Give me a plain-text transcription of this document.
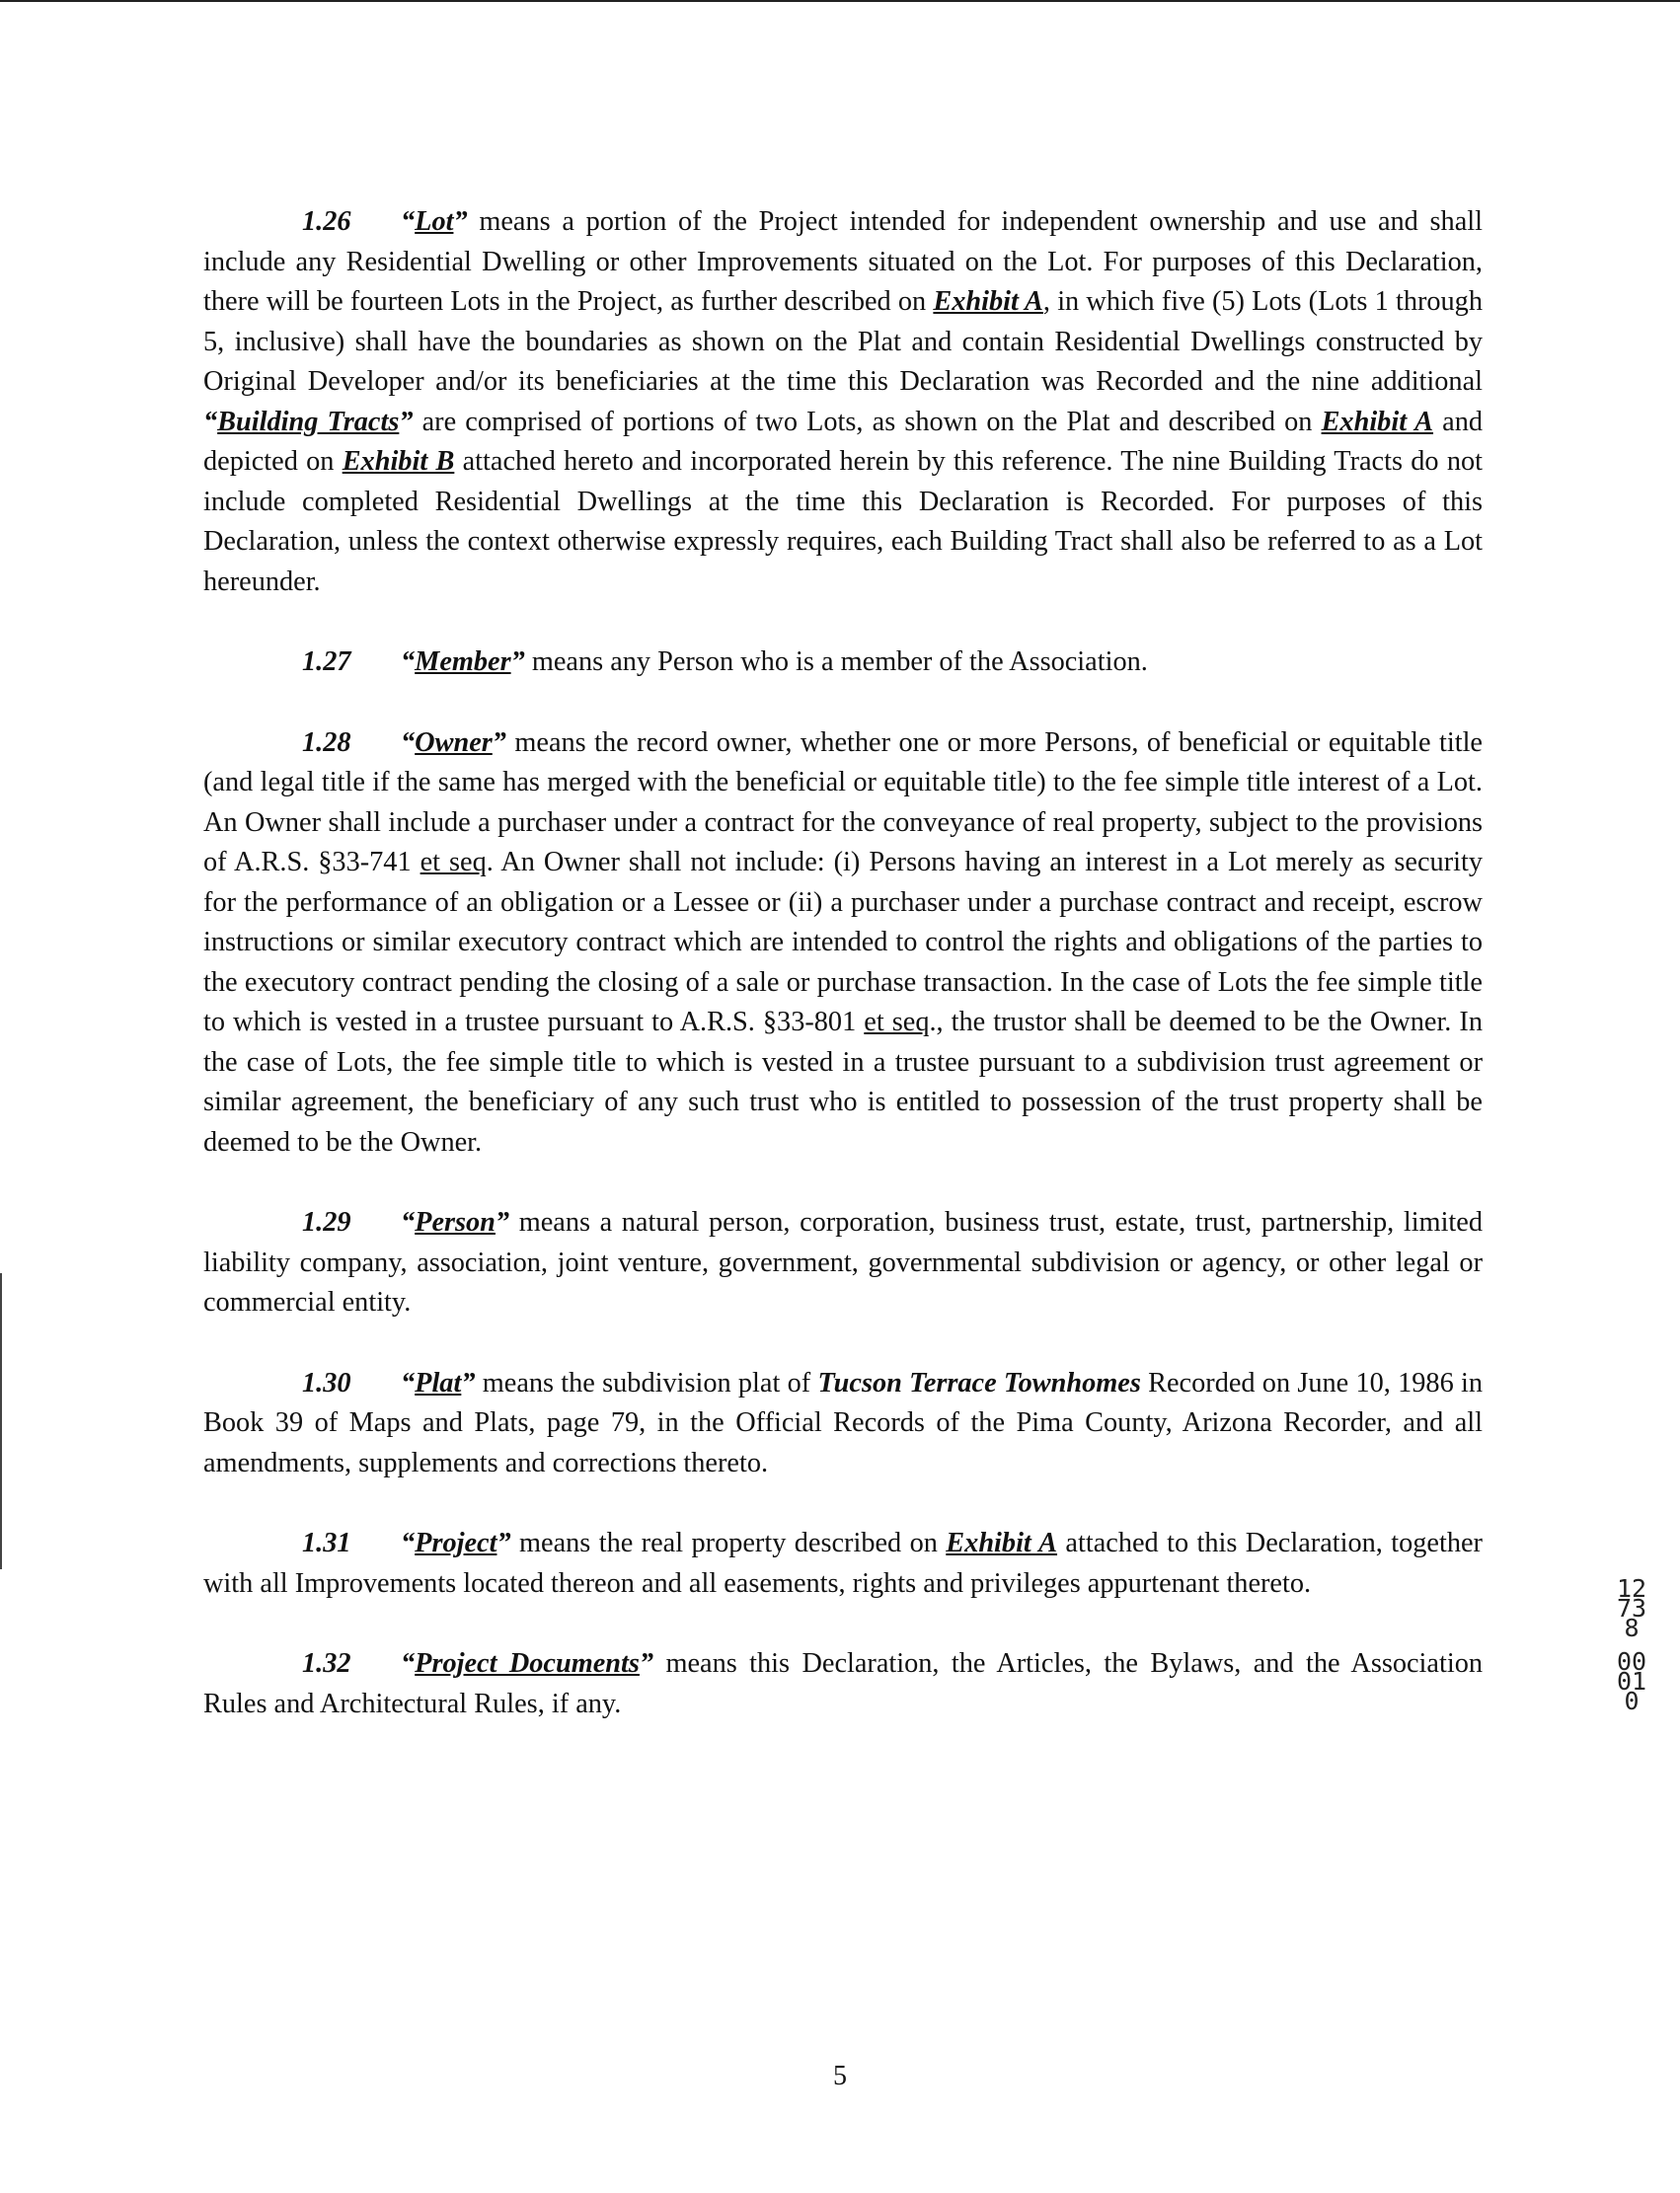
1.26 “Lot” means a portion of the Project intended for independent ownership and use and shall include any Residential Dwelling or other Improvements situated on the Lot. For purposes of this Declaration, there will be fourteen Lots in the Project, as further described on Exhibit A, in which five (5) Lots (Lots 1 through 5, inclusive) shall have the boundaries as shown on the Plat and contain Residential Dwellings constructed by Original Developer and/or its beneficiaries at the time this Declaration was Recorded and the nine additional “Building Tracts” are comprised of portions of two Lots, as shown on the Plat and described on Exhibit A and depicted on Exhibit B attached hereto and incorporated herein by this reference. The nine Building Tracts do not include completed Residential Dwellings at the time this Declaration is Recorded. For purposes of this Declaration, unless the context otherwise expressly requires, each Building Tract shall also be referred to as a Lot hereunder.

1.27 “Member” means any Person who is a member of the Association.

1.28 “Owner” means the record owner, whether one or more Persons, of beneficial or equitable title (and legal title if the same has merged with the beneficial or equitable title) to the fee simple title interest of a Lot. An Owner shall include a purchaser under a contract for the conveyance of real property, subject to the provisions of A.R.S. §33-741 et seq. An Owner shall not include: (i) Persons having an interest in a Lot merely as security for the performance of an obligation or a Lessee or (ii) a purchaser under a purchase contract and receipt, escrow instructions or similar executory contract which are intended to control the rights and obligations of the parties to the executory contract pending the closing of a sale or purchase transaction. In the case of Lots the fee simple title to which is vested in a trustee pursuant to A.R.S. §33-801 et seq., the trustor shall be deemed to be the Owner. In the case of Lots, the fee simple title to which is vested in a trustee pursuant to a subdivision trust agreement or similar agreement, the beneficiary of any such trust who is entitled to possession of the trust property shall be deemed to be the Owner.

1.29 “Person” means a natural person, corporation, business trust, estate, trust, partnership, limited liability company, association, joint venture, government, governmental subdivision or agency, or other legal or commercial entity.

1.30 “Plat” means the subdivision plat of Tucson Terrace Townhomes Recorded on June 10, 1986 in Book 39 of Maps and Plats, page 79, in the Official Records of the Pima County, Arizona Recorder, and all amendments, supplements and corrections thereto.

1.31 “Project” means the real property described on Exhibit A attached to this Declaration, together with all Improvements located thereon and all easements, rights and privileges appurtenant thereto.

1.32 “Project Documents” means this Declaration, the Articles, the Bylaws, and the Association Rules and Architectural Rules, if any.

12738
00010
5
